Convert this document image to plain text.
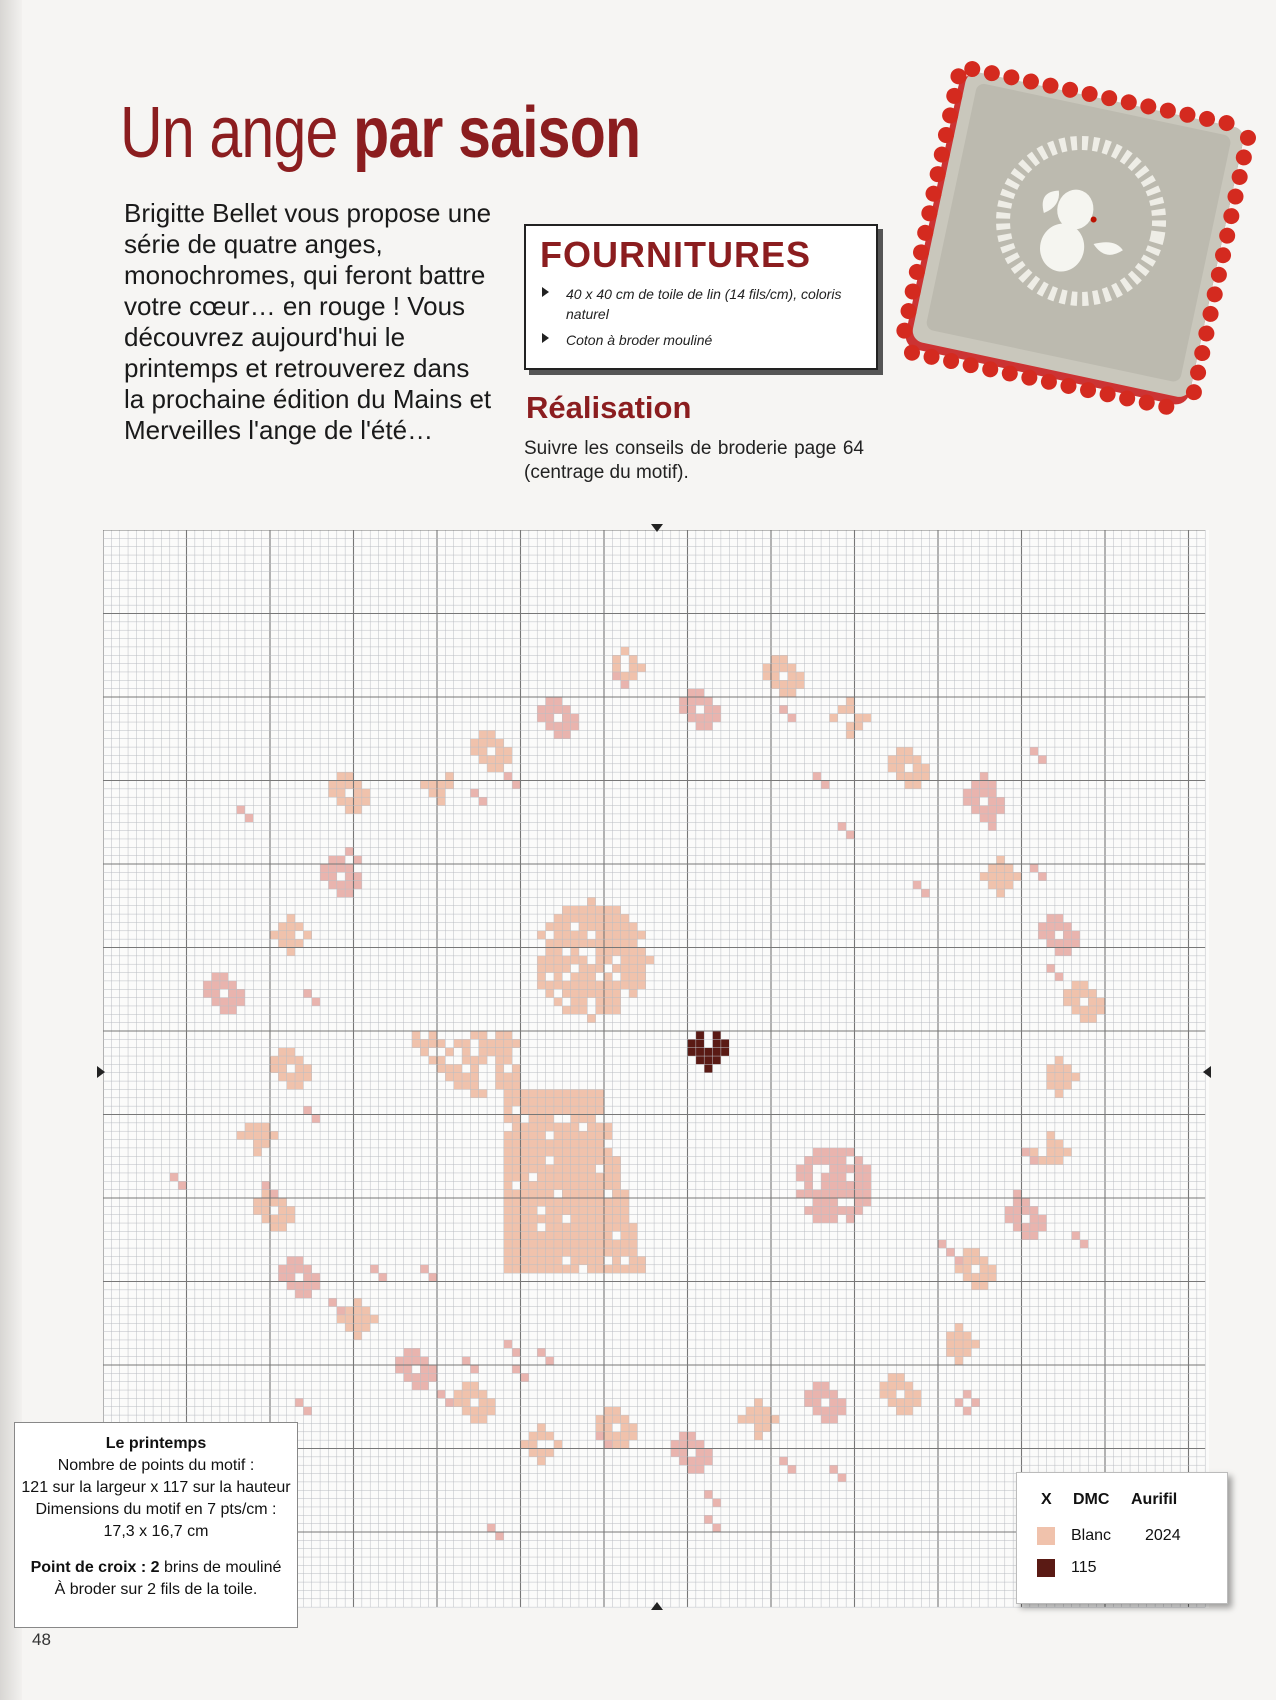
Un ange par saison
Brigitte Bellet vous propose une série de quatre anges, monochromes, qui feront battre votre cœur… en rouge ! Vous découvrez aujourd'hui le printemps et retrouverez dans la prochaine édition du Mains et Merveilles l'ange de l'été…
FOURNITURES
40 x 40 cm de toile de lin (14 fils/cm), coloris naturel
Coton à broder mouliné
Réalisation
Suivre les conseils de broderie page 64 (centrage du motif).
Le printemps
Nombre de points du motif :
121 sur la largeur x 117 sur la hauteur
Dimensions du motif en 7 pts/cm :
17,3 x 16,7 cm
Point de croix : 2 brins de mouliné
À broder sur 2 fils de la toile.
X DMC Aurifil
Blanc 2024
115
48
